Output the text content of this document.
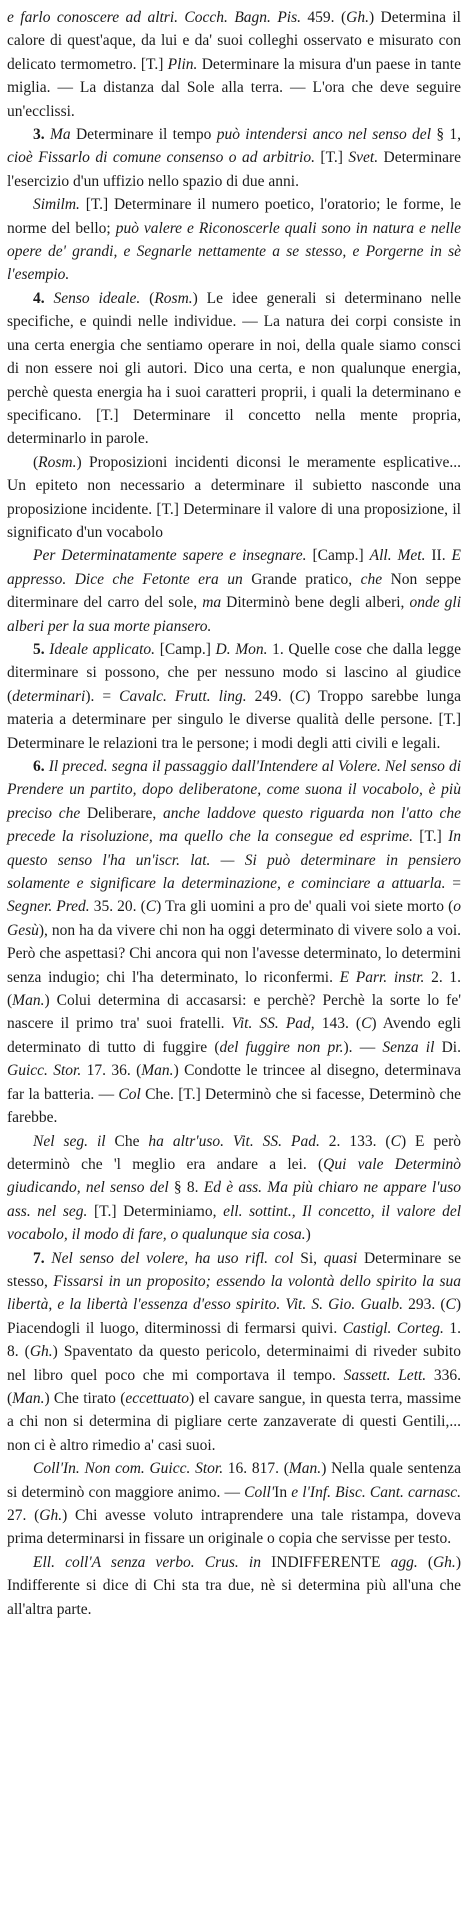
e farlo conoscere ad altri. Cocch. Bagn. Pis. 459. (Gh.) Determina il calore di quest'aque, da lui e da' suoi colleghi osservato e misurato con delicato termometro. [T.] Plin. Determinare la misura d'un paese in tante miglia. — La distanza dal Sole alla terra. — L'ora che deve seguire un'ecclissi.

3. Ma Determinare il tempo può intendersi anco nel senso del § 1, cioè Fissarlo di comune consenso o ad arbitrio. [T.] Svet. Determinare l'esercizio d'un uffizio nello spazio di due anni.

Similm. [T.] Determinare il numero poetico, l'oratorio; le forme, le norme del bello; può valere e Riconoscerle quali sono in natura e nelle opere de' grandi, e Segnarle nettamente a se stesso, e Porgerne in sè l'esempio.

4. Senso ideale. (Rosm.) Le idee generali si determinano nelle specifiche, e quindi nelle individue. — La natura dei corpi consiste in una certa energia che sentiamo operare in noi, della quale siamo consci di non essere noi gli autori. Dico una certa, e non qualunque energia, perchè questa energia ha i suoi caratteri proprii, i quali la determinano e specificano. [T.] Determinare il concetto nella mente propria, determinarlo in parole.

(Rosm.) Proposizioni incidenti diconsi le meramente esplicative... Un epiteto non necessario a determinare il subietto nasconde una proposizione incidente. [T.] Determinare il valore di una proposizione, il significato d'un vocabolo

Per Determinatamente sapere e insegnare. [Camp.] All. Met. II. E appresso. Dice che Fetonte era un Grande pratico, che Non seppe diterminare del carro del sole, ma Diterminò bene degli alberi, onde gli alberi per la sua morte piansero.

5. Ideale applicato. [Camp.] D. Mon. 1. Quelle cose che dalla legge diterminare si possono, che per nessuno modo si lascino al giudice (determinari). = Cavalc. Frutt. ling. 249. (C) Troppo sarebbe lunga materia a determinare per singulo le diverse qualità delle persone. [T.] Determinare le relazioni tra le persone; i modi degli atti civili e legali.

6. Il preced. segna il passaggio dall'Intendere al Volere. Nel senso di Prendere un partito, dopo deliberatone, come suona il vocabolo, è più preciso che Deliberare, anche laddove questo riguarda non l'atto che precede la risoluzione, ma quello che la consegue ed esprime. [T.] In questo senso l'ha un'iscr. lat. — Si può determinare in pensiero solamente e significare la determinazione, e cominciare a attuarla. = Segner. Pred. 35. 20. (C) Tra gli uomini a pro de' quali voi siete morto (o Gesù), non ha da vivere chi non ha oggi determinato di vivere solo a voi. Però che aspettasi? Chi ancora qui non l'avesse determinato, lo determini senza indugio; chi l'ha determinato, lo riconfermi. E Parr. instr. 2. 1. (Man.) Colui determina di accasarsi: e perchè? Perchè la sorte lo fe' nascere il primo tra' suoi fratelli. Vit. SS. Pad, 143. (C) Avendo egli determinato di tutto di fuggire (del fuggire non pr.). — Senza il Di. Guicc. Stor. 17. 36. (Man.) Condotte le trincee al disegno, determinava far la batteria. — Col Che. [T.] Determinò che si facesse, Determinò che farebbe.

Nel seg. il Che ha altr'uso. Vit. SS. Pad. 2. 133. (C) E però determinò che 'l meglio era andare a lei. (Qui vale Determinò giudicando, nel senso del § 8. Ed è ass. Ma più chiaro ne appare l'uso ass. nel seg. [T.] Determiniamo, ell. sottint., Il concetto, il valore del vocabolo, il modo di fare, o qualunque sia cosa.)

7. Nel senso del volere, ha uso rifl. col Si, quasi Determinare se stesso, Fissarsi in un proposito; essendo la volontà dello spirito la sua libertà, e la libertà l'essenza d'esso spirito. Vit. S. Gio. Gualb. 293. (C) Piacendogli il luogo, diterminossi di fermarsi quivi. Castigl. Corteg. 1. 8. (Gh.) Spaventato da questo pericolo, determinaimi di riveder subito nel libro quel poco che mi comportava il tempo. Sassett. Lett. 336. (Man.) Che tirato (eccettuato) el cavare sangue, in questa terra, massime a chi non si determina di pigliare certe zanzaverate di questi Gentili,... non ci è altro rimedio a' casi suoi.

Coll'In. Non com. Guicc. Stor. 16. 817. (Man.) Nella quale sentenza si determinò con maggiore animo. — Coll'In e l'Inf. Bisc. Cant. carnasc. 27. (Gh.) Chi avesse voluto intraprendere una tale ristampa, doveva prima determinarsi in fissare un originale o copia che servisse per testo.

Ell. coll'A senza verbo. Crus. in INDIFFERENTE agg. (Gh.) Indifferente si dice di Chi sta tra due, nè si determina più all'una che all'altra parte.
